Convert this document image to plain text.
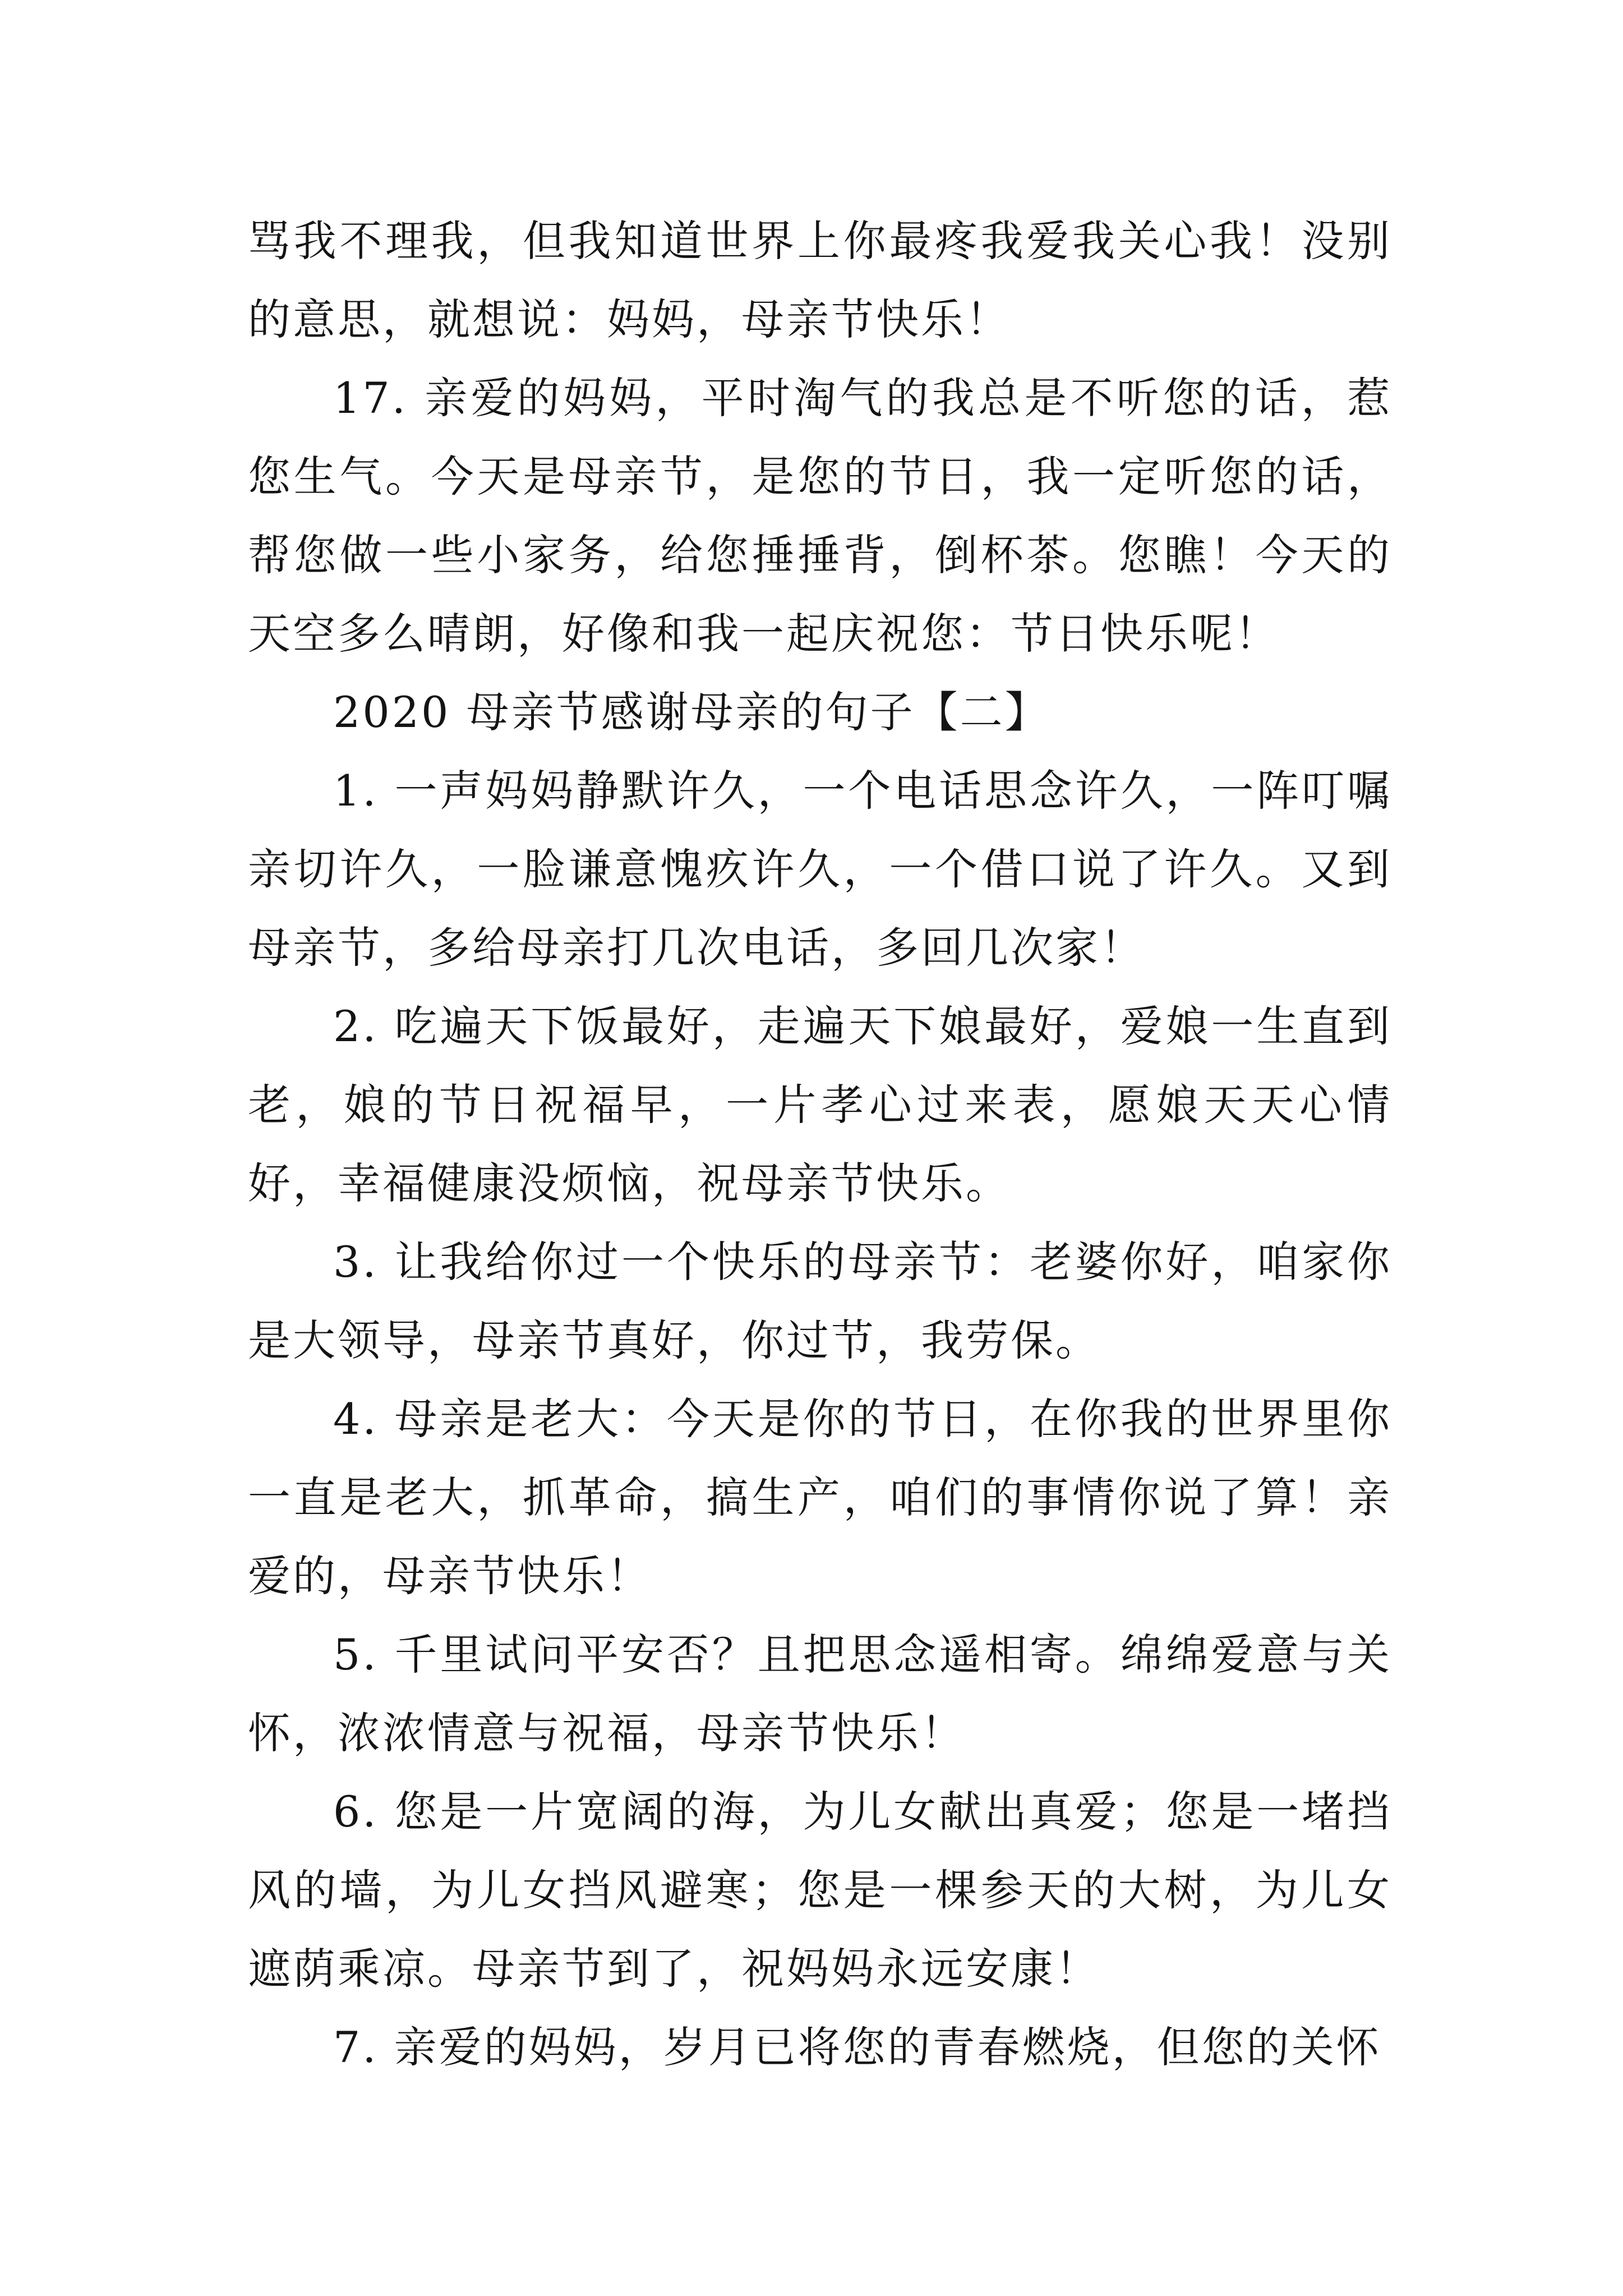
骂我不理我，但我知道世界上你最疼我爱我关心我！没别的意思，就想说：妈妈，母亲节快乐！

17. 亲爱的妈妈，平时淘气的我总是不听您的话，惹您生气。今天是母亲节，是您的节日，我一定听您的话，帮您做一些小家务，给您捶捶背，倒杯茶。您瞧！今天的天空多么晴朗，好像和我一起庆祝您：节日快乐呢！

2020 母亲节感谢母亲的句子【二】

1. 一声妈妈静默许久，一个电话思念许久，一阵叮嘱亲切许久，一脸谦意愧疚许久，一个借口说了许久。又到母亲节，多给母亲打几次电话，多回几次家！

2. 吃遍天下饭最好，走遍天下娘最好，爱娘一生直到老，娘的节日祝福早，一片孝心过来表，愿娘天天心情好，幸福健康没烦恼，祝母亲节快乐。

3. 让我给你过一个快乐的母亲节：老婆你好，咱家你是大领导，母亲节真好，你过节，我劳保。

4. 母亲是老大：今天是你的节日，在你我的世界里你一直是老大，抓革命，搞生产，咱们的事情你说了算！亲爱的，母亲节快乐！

5. 千里试问平安否？且把思念遥相寄。绵绵爱意与关怀，浓浓情意与祝福，母亲节快乐！

6. 您是一片宽阔的海，为儿女献出真爱；您是一堵挡风的墙，为儿女挡风避寒；您是一棵参天的大树，为儿女遮荫乘凉。母亲节到了，祝妈妈永远安康！

7. 亲爱的妈妈，岁月已将您的青春燃烧，但您的关怀
